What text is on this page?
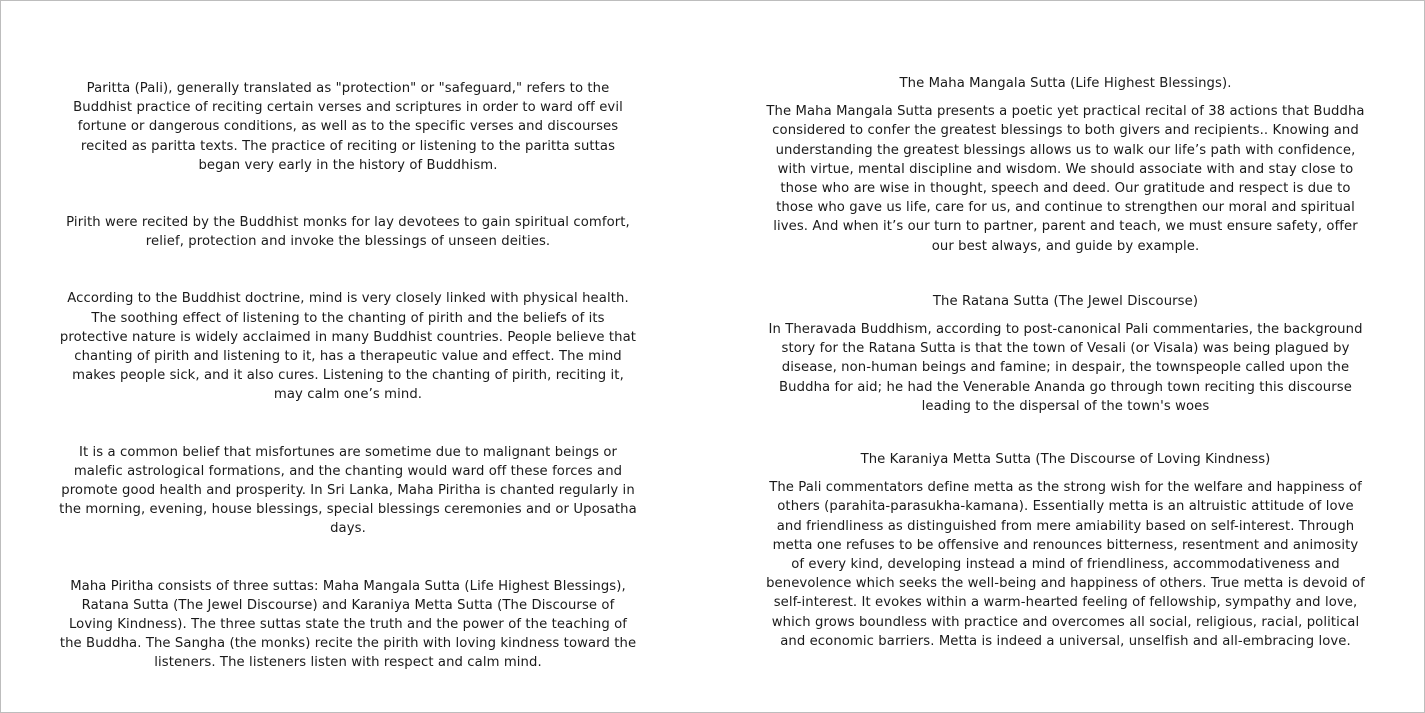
Paritta (Pali), generally translated as "protection" or "safeguard," refers to the Buddhist practice of reciting certain verses and scriptures in order to ward off evil fortune or dangerous conditions, as well as to the specific verses and discourses recited as paritta texts. The practice of reciting or listening to the paritta suttas began very early in the history of Buddhism.

Pirith were recited by the Buddhist monks for lay devotees to gain spiritual comfort, relief, protection and invoke the blessings of unseen deities.

According to the Buddhist doctrine, mind is very closely linked with physical health. The soothing effect of listening to the chanting of pirith and the beliefs of its protective nature is widely acclaimed in many Buddhist countries. People believe that chanting of pirith and listening to it, has a therapeutic value and effect. The mind makes people sick, and it also cures. Listening to the chanting of pirith, reciting it, may calm one’s mind.

It is a common belief that misfortunes are sometime due to malignant beings or malefic astrological formations, and the chanting would ward off these forces and promote good health and prosperity. In Sri Lanka, Maha Piritha is chanted regularly in the morning, evening, house blessings, special blessings ceremonies and or Uposatha days.

Maha Piritha consists of three suttas: Maha Mangala Sutta (Life Highest Blessings), Ratana Sutta (The Jewel Discourse) and Karaniya Metta Sutta (The Discourse of Loving Kindness). The three suttas state the truth and the power of the teaching of the Buddha. The Sangha (the monks) recite the pirith with loving kindness toward the listeners. The listeners listen with respect and calm mind.

The Maha Mangala Sutta (Life Highest Blessings).

The Maha Mangala Sutta presents a poetic yet practical recital of 38 actions that Buddha considered to confer the greatest blessings to both givers and recipients.. Knowing and understanding the greatest blessings allows us to walk our life’s path with confidence, with virtue, mental discipline and wisdom. We should associate with and stay close to those who are wise in thought, speech and deed. Our gratitude and respect is due to those who gave us life, care for us, and continue to strengthen our moral and spiritual lives. And when it’s our turn to partner, parent and teach, we must ensure safety, offer our best always, and guide by example.

The Ratana Sutta (The Jewel Discourse)

In Theravada Buddhism, according to post-canonical Pali commentaries, the background story for the Ratana Sutta is that the town of Vesali (or Visala) was being plagued by disease, non-human beings and famine; in despair, the townspeople called upon the Buddha for aid; he had the Venerable Ananda go through town reciting this discourse leading to the dispersal of the town's woes

The Karaniya Metta Sutta (The Discourse of Loving Kindness)

The Pali commentators define metta as the strong wish for the welfare and happiness of others (parahita-parasukha-kamana). Essentially metta is an altruistic attitude of love and friendliness as distinguished from mere amiability based on self-interest. Through metta one refuses to be offensive and renounces bitterness, resentment and animosity of every kind, developing instead a mind of friendliness, accommodativeness and benevolence which seeks the well-being and happiness of others. True metta is devoid of self-interest. It evokes within a warm-hearted feeling of fellowship, sympathy and love, which grows boundless with practice and overcomes all social, religious, racial, political and economic barriers. Metta is indeed a universal, unselfish and all-embracing love.
